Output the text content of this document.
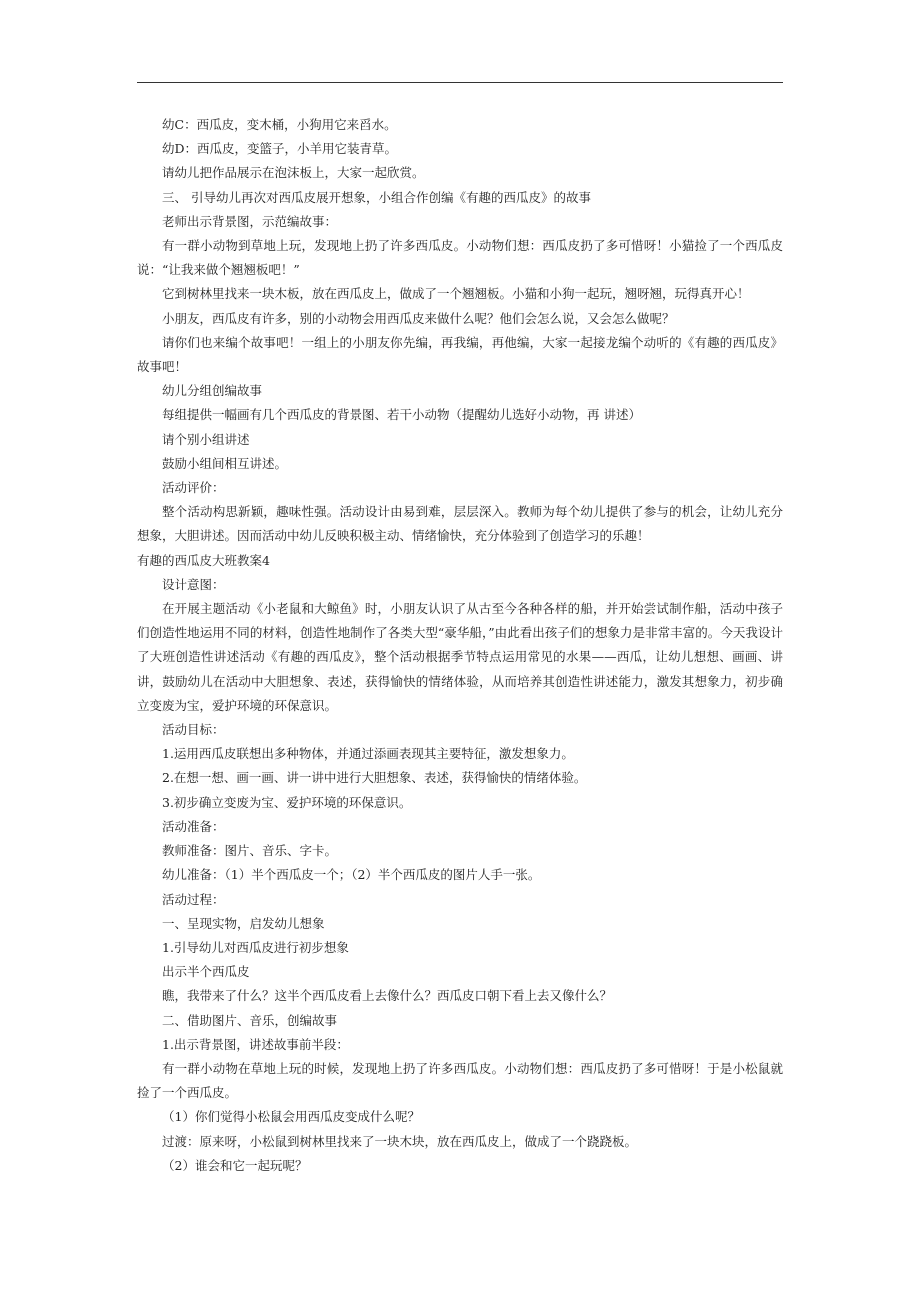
幼C：西瓜皮，变木桶，小狗用它来舀水。

幼D：西瓜皮，变篮子，小羊用它装青草。

请幼儿把作品展示在泡沫板上，大家一起欣赏。

三、 引导幼儿再次对西瓜皮展开想象，小组合作创编《有趣的西瓜皮》的故事

老师出示背景图，示范编故事：

有一群小动物到草地上玩，发现地上扔了许多西瓜皮。小动物们想：西瓜皮扔了多可惜呀！小猫捡了一个西瓜皮说：“让我来做个翘翘板吧！”

它到树林里找来一块木板，放在西瓜皮上，做成了一个翘翘板。小猫和小狗一起玩，翘呀翘，玩得真开心！

小朋友，西瓜皮有许多，别的小动物会用西瓜皮来做什么呢？他们会怎么说，又会怎么做呢？

请你们也来编个故事吧！一组上的小朋友你先编，再我编，再他编，大家一起接龙编个动听的《有趣的西瓜皮》故事吧！

幼儿分组创编故事

每组提供一幅画有几个西瓜皮的背景图、若干小动物（提醒幼儿选好小动物，再 讲述）

请个别小组讲述

鼓励小组间相互讲述。

活动评价：

整个活动构思新颖，趣味性强。活动设计由易到难，层层深入。教师为每个幼儿提供了参与的机会，让幼儿充分想象，大胆讲述。因而活动中幼儿反映积极主动、情绪愉快，充分体验到了创造学习的乐趣！

有趣的西瓜皮大班教案4

设计意图：

在开展主题活动《小老鼠和大鲸鱼》时，小朋友认识了从古至今各种各样的船，并开始尝试制作船，活动中孩子们创造性地运用不同的材料，创造性地制作了各类大型“豪华船，”由此看出孩子们的想象力是非常丰富的。今天我设计了大班创造性讲述活动《有趣的西瓜皮》，整个活动根据季节特点运用常见的水果——西瓜，让幼儿想想、画画、讲讲，鼓励幼儿在活动中大胆想象、表述，获得愉快的情绪体验，从而培养其创造性讲述能力，激发其想象力，初步确立变废为宝，爱护环境的环保意识。

活动目标：

1.运用西瓜皮联想出多种物体，并通过添画表现其主要特征，激发想象力。

2.在想一想、画一画、讲一讲中进行大胆想象、表述，获得愉快的情绪体验。

3.初步确立变废为宝、爱护环境的环保意识。

活动准备：

教师准备：图片、音乐、字卡。

幼儿准备：（1）半个西瓜皮一个；（2）半个西瓜皮的图片人手一张。

活动过程：

一、呈现实物，启发幼儿想象

1.引导幼儿对西瓜皮进行初步想象

出示半个西瓜皮

瞧，我带来了什么？这半个西瓜皮看上去像什么？西瓜皮口朝下看上去又像什么？

二、借助图片、音乐，创编故事

1.出示背景图，讲述故事前半段：

有一群小动物在草地上玩的时候，发现地上扔了许多西瓜皮。小动物们想：西瓜皮扔了多可惜呀！于是小松鼠就捡了一个西瓜皮。

（1）你们觉得小松鼠会用西瓜皮变成什么呢？

过渡：原来呀，小松鼠到树林里找来了一块木块，放在西瓜皮上，做成了一个跷跷板。

（2）谁会和它一起玩呢？
